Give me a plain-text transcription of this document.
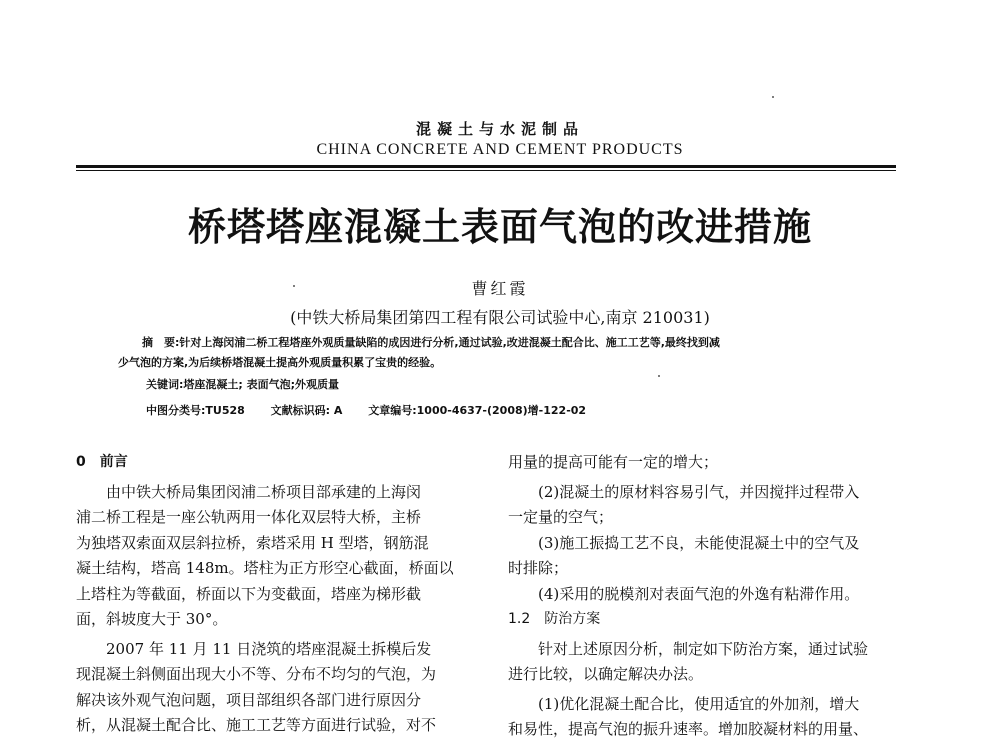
混凝土与水泥制品
CHINA CONCRETE AND CEMENT PRODUCTS
桥塔塔座混凝土表面气泡的改进措施
曹红霞
(中铁大桥局集团第四工程有限公司试验中心,南京 210031)
摘　要:针对上海闵浦二桥工程塔座外观质量缺陷的成因进行分析,通过试验,改进混凝土配合比、施工工艺等,最终找到减
少气泡的方案,为后续桥塔混凝土提高外观质量积累了宝贵的经验。
关键词:塔座混凝土; 表面气泡;外观质量
中图分类号:TU528 文献标识码: A 文章编号:1000-4637-(2008)增-122-02

0　前言

由中铁大桥局集团闵浦二桥项目部承建的上海闵

浦二桥工程是一座公轨两用一体化双层特大桥，主桥

为独塔双索面双层斜拉桥，索塔采用 H 型塔，钢筋混

凝土结构，塔高 148m。塔柱为正方形空心截面，桥面以

上塔柱为等截面，桥面以下为变截面，塔座为梯形截

面，斜坡度大于 30°。

2007 年 11 月 11 日浇筑的塔座混凝土拆模后发

现混凝土斜侧面出现大小不等、分布不均匀的气泡，为

解决该外观气泡问题，项目部组织各部门进行原因分

析，从混凝土配合比、施工工艺等方面进行试验，对不

用量的提高可能有一定的增大；

(2)混凝土的原材料容易引气，并因搅拌过程带入

一定量的空气；

(3)施工振捣工艺不良，未能使混凝土中的空气及

时排除；

(4)采用的脱模剂对表面气泡的外逸有粘滞作用。

1.2　防治方案

针对上述原因分析，制定如下防治方案，通过试验

进行比较，以确定解决办法。

(1)优化混凝土配合比，使用适宜的外加剂，增大

和易性，提高气泡的振升速率。增加胶凝材料的用量、
